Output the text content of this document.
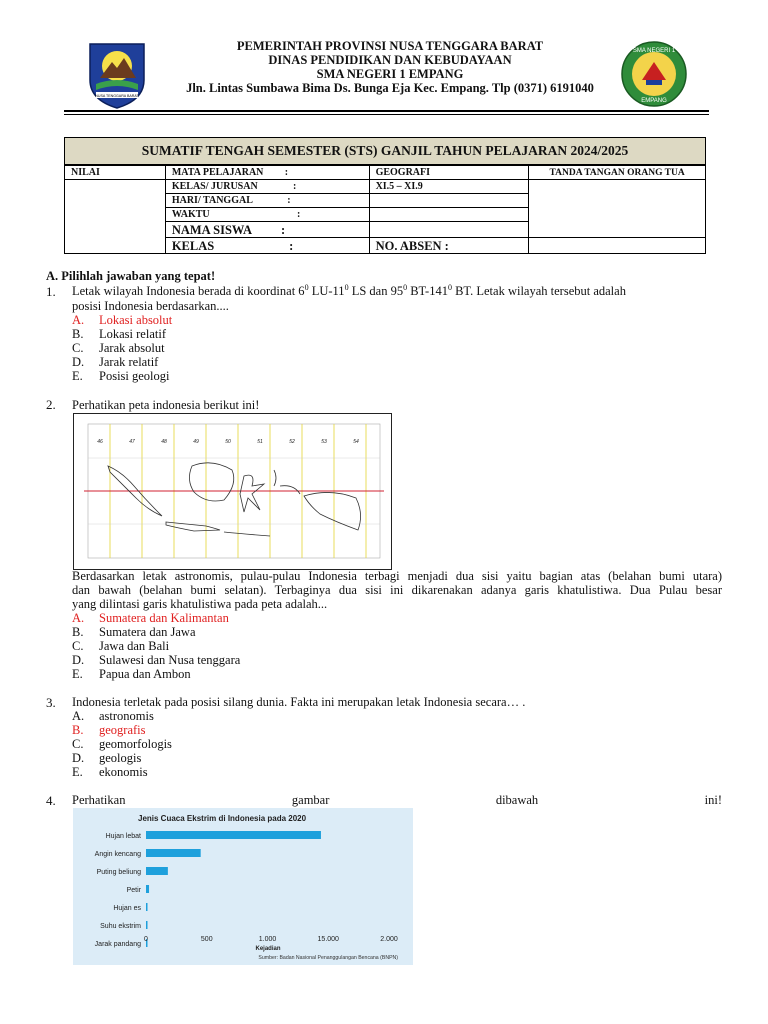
NUSA TENGGARA BARAT
PEMERINTAH PROVINSI NUSA TENGGARA BARAT
DINAS PENDIDIKAN DAN KEBUDAYAAN
SMA NEGERI 1 EMPANG
Jln. Lintas Sumbawa Bima Ds. Bunga Eja Kec. Empang. Tlp (0371) 6191040
SMA NEGERI 1
EMPANG
SUMATIF TENGAH SEMESTER (STS) GANJIL TAHUN PELAJARAN 2024/2025
NILAI	MATA PELAJARAN :	GEOGRAFI	TANDA TANGAN ORANG TUA
	KELAS/ JURUSAN :	XI.5 – XI.9	
	HARI/ TANGGAL :		
	WAKTU :		
	NAMA SISWA :		
	KELAS :	NO. ABSEN :	
A. Pilihlah jawaban yang tepat!
1. Letak wilayah Indonesia berada di koordinat $6^0$ $LU-11^0$ LS dan $95^0$ $BT-141^0$ BT. Letak wilayah tersebut adalah
posisi Indonesia berdasarkan....
A. Lokasi absolut
B. Lokasi relatif
C. Jarak absolut
D. Jarak relatif
E. Posisi geologi
2. Perhatikan peta indonesia berikut ini!
46	47	48	49	50	51	52	53	54
Berdasarkan letak astronomis, pulau-pulau Indonesia terbagi menjadi dua sisi yaitu bagian atas (belahan bumi utara)
dan bawah (belahan bumi selatan). Terbaginya dua sisi ini dikarenakan adanya garis khatulistiwa. Dua Pulau besar
yang dilintasi garis khatulistiwa pada peta adalah...
A. Sumatera dan Kalimantan
B. Sumatera dan Jawa
C. Jawa dan Bali
D. Sulawesi dan Nusa tenggara
E. Papua dan Ambon
3. Indonesia terletak pada posisi silang dunia. Fakta ini merupakan letak Indonesia secara… .
A. astronomis
B. geografis
C. geomorfologis
D. geologis
E. ekonomis
4. Perhatikan	gambar	dibawah	ini!
Jenis Cuaca Ekstrim di Indonesia pada 2020
Hujan lebat
Angin kencang
Puting beliung
Petir
Hujan es
Suhu ekstrim
Jarak pandang
0	500	1.000	15.000	2.000
Kejadian
Sumber: Badan Nasional Penanggulangan Bencana (BNPN)
